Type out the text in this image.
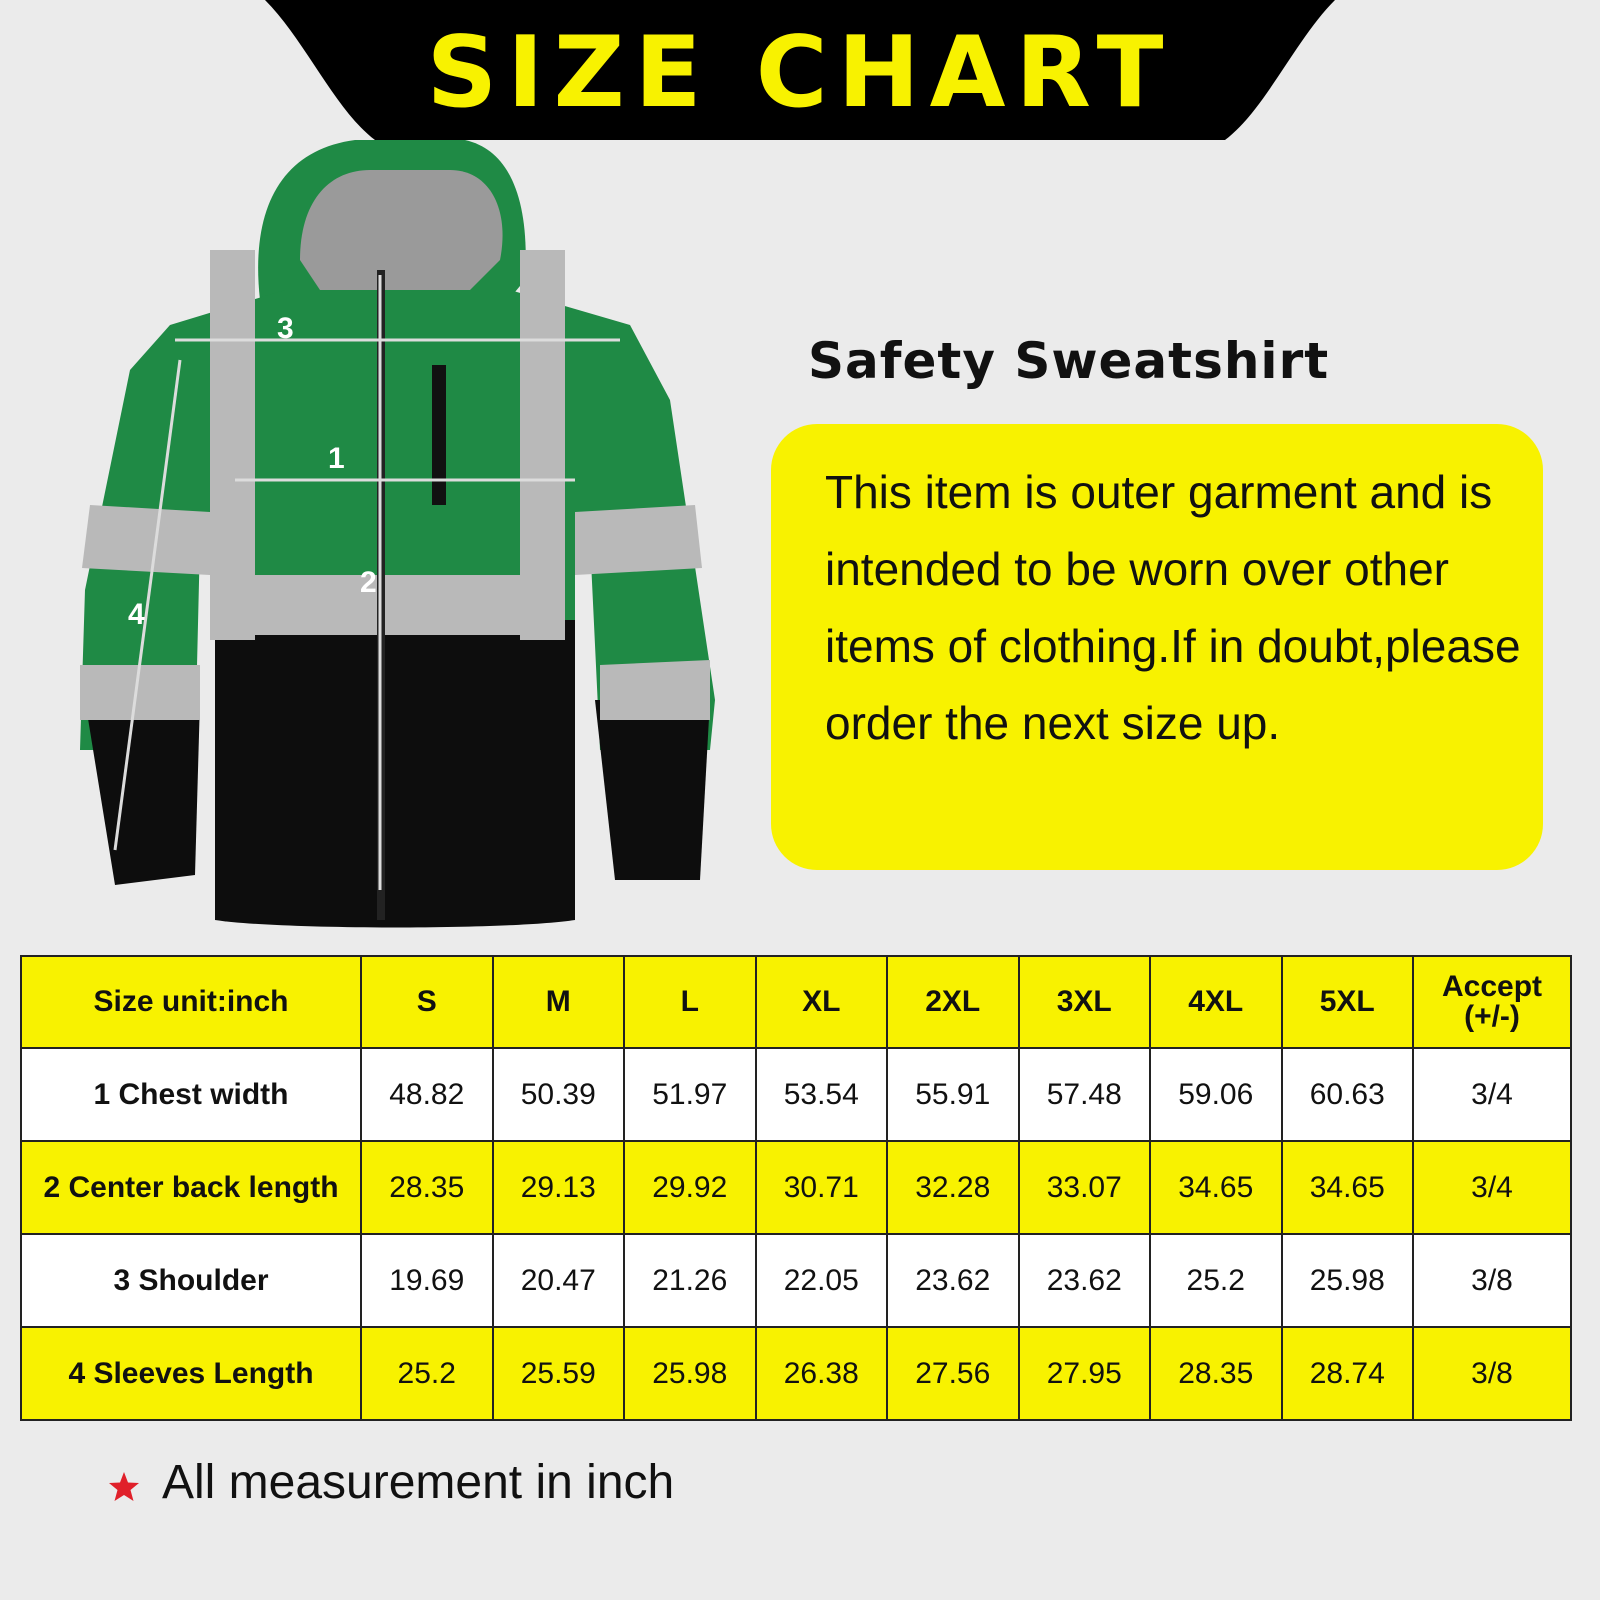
SIZE CHART
3
1
2
4
Safety Sweatshirt
This item is outer garment and is intended to be worn over other items of clothing.If in doubt,please order the next size up.
Size unit:inch	S	M	L	XL	2XL	3XL	4XL	5XL	Accept
(+/-)

1 Chest width	48.82	50.39	51.97	53.54	55.91	57.48	59.06	60.63	3/4
2 Center back length	28.35	29.13	29.92	30.71	32.28	33.07	34.65	34.65	3/4
3 Shoulder	19.69	20.47	21.26	22.05	23.62	23.62	25.2	25.98	3/8
4 Sleeves Length	25.2	25.59	25.98	26.38	27.56	27.95	28.35	28.74	3/8
All measurement in inch
